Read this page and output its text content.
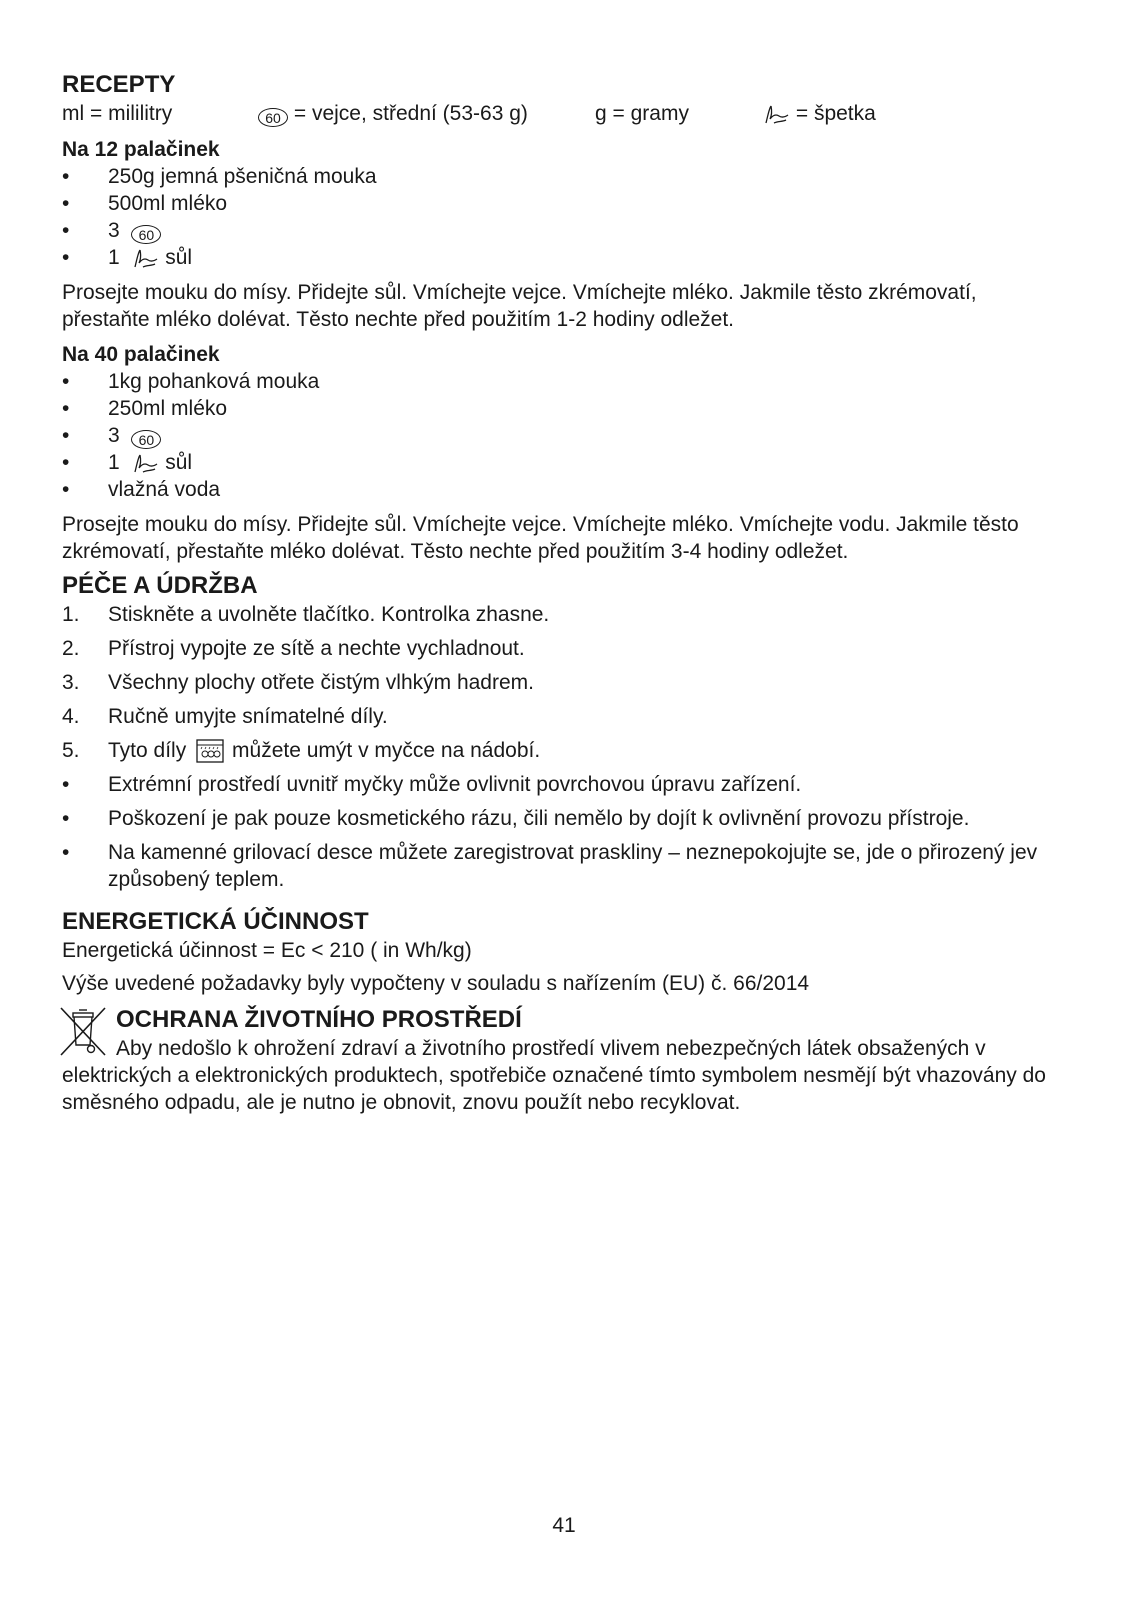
RECEPTY
ml = mililitry	60 = vejce, střední (53-63 g)	g = gramy	= špetka
Na 12 palačinek
• 250g jemná pšeničná mouka
• 500ml mléko
• 3 60
• 1 sůl

Prosejte mouku do mísy. Přidejte sůl. Vmíchejte vejce. Vmíchejte mléko. Jakmile těsto zkrémovatí, přestaňte mléko dolévat. Těsto nechte před použitím 1-2 hodiny odležet.

Na 40 palačinek
• 1kg pohanková mouka
• 250ml mléko
• 3 60
• 1 sůl
• vlažná voda

Prosejte mouku do mísy. Přidejte sůl. Vmíchejte vejce. Vmíchejte mléko. Vmíchejte vodu. Jakmile těsto zkrémovatí, přestaňte mléko dolévat. Těsto nechte před použitím 3-4 hodiny odležet.

PÉČE A ÚDRŽBA
1. Stiskněte a uvolněte tlačítko. Kontrolka zhasne.
2. Přístroj vypojte ze sítě a nechte vychladnout.
3. Všechny plochy otřete čistým vlhkým hadrem.
4. Ručně umyjte snímatelné díly.
5. Tyto díly můžete umýt v myčce na nádobí.
• Extrémní prostředí uvnitř myčky může ovlivnit povrchovou úpravu zařízení.
• Poškození je pak pouze kosmetického rázu, čili nemělo by dojít k ovlivnění provozu přístroje.
• Na kamenné grilovací desce můžete zaregistrovat praskliny – neznepokojujte se, jde o přirozený jev způsobený teplem.
ENERGETICKÁ ÚČINNOST

Energetická účinnost = Ec < 210 ( in Wh/kg)

Výše uvedené požadavky byly vypočteny v souladu s nařízením (EU) č. 66/2014

OCHRANA ŽIVOTNÍHO PROSTŘEDÍ

Aby nedošlo k ohrožení zdraví a životního prostředí vlivem nebezpečných látek obsažených v elektrických a elektronických produktech, spotřebiče označené tímto symbolem nesmějí být vhazovány do směsného odpadu, ale je nutno je obnovit, znovu použít nebo recyklovat.

41
